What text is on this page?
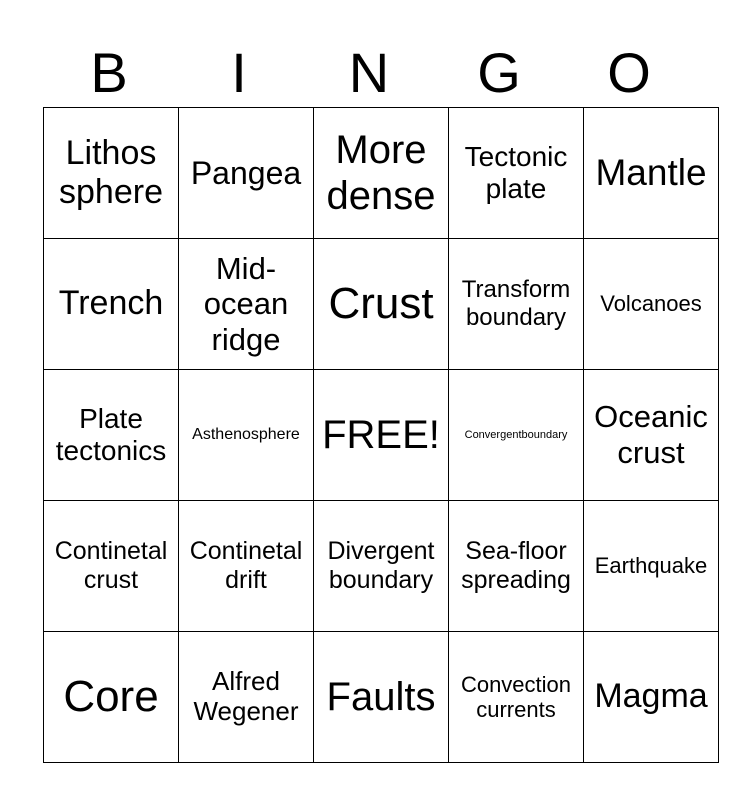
B	I	N	G	O
Lithos sphere	Pangea	More dense	Tectonic plate	Mantle

Trench	Mid-ocean ridge	Crust	Transform boundary	Volcanoes

Plate tectonics	Asthenosphere	FREE!	Convergentboundary	Oceanic crust

Continetal crust	Continetal drift	Divergent boundary	Sea-floor spreading	Earthquake

Core	Alfred Wegener	Faults	Convection currents	Magma
